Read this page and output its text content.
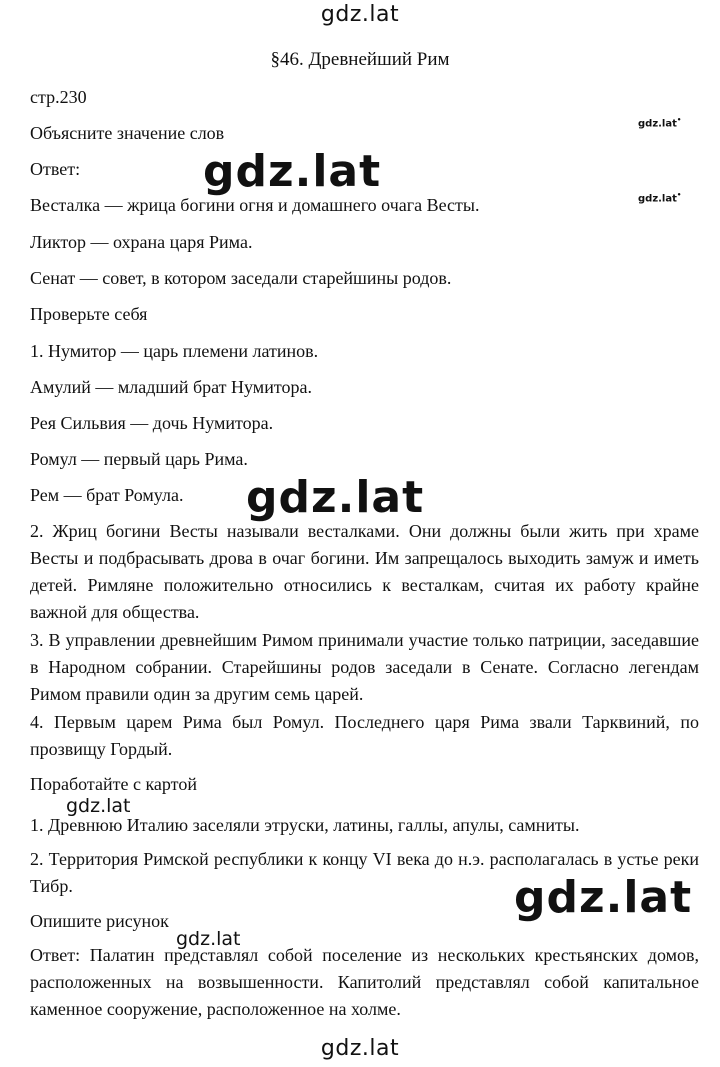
gdz.lat
§46. Древнейший Рим
стр.230
Объясните значение слов
Ответ:
Весталка — жрица богини огня и домашнего очага Весты.
Ликтор — охрана царя Рима.
Сенат — совет, в котором заседали старейшины родов.
Проверьте себя
1. Нумитор — царь племени латинов.
Амулий — младший брат Нумитора.
Рея Сильвия — дочь Нумитора.
Ромул — первый царь Рима.
Рем — брат Ромула.
2. Жриц богини Весты называли весталками. Они должны были жить при храме Весты и подбрасывать дрова в очаг богини. Им запрещалось выходить замуж и иметь детей. Римляне положительно относились к весталкам, считая их работу крайне важной для общества.
3. В управлении древнейшим Римом принимали участие только патриции, заседавшие в Народном собрании. Старейшины родов заседали в Сенате. Согласно легендам Римом правили один за другим семь царей.
4. Первым царем Рима был Ромул. Последнего царя Рима звали Тарквиний, по прозвищу Гордый.
Поработайте с картой
1. Древнюю Италию заселяли этруски, латины, галлы, апулы, самниты.
2. Территория Римской республики к концу VI века до н.э. располагалась в устье реки Тибр.
Опишите рисунок
Ответ: Палатин представлял собой поселение из нескольких крестьянских домов, расположенных на возвышенности. Капитолий представлял собой капитальное каменное сооружение, расположенное на холме.
gdz.lat •
gdz.lat •
gdz.lat
gdz.lat
gdz.lat
gdz.lat
gdz.lat
gdz.lat
